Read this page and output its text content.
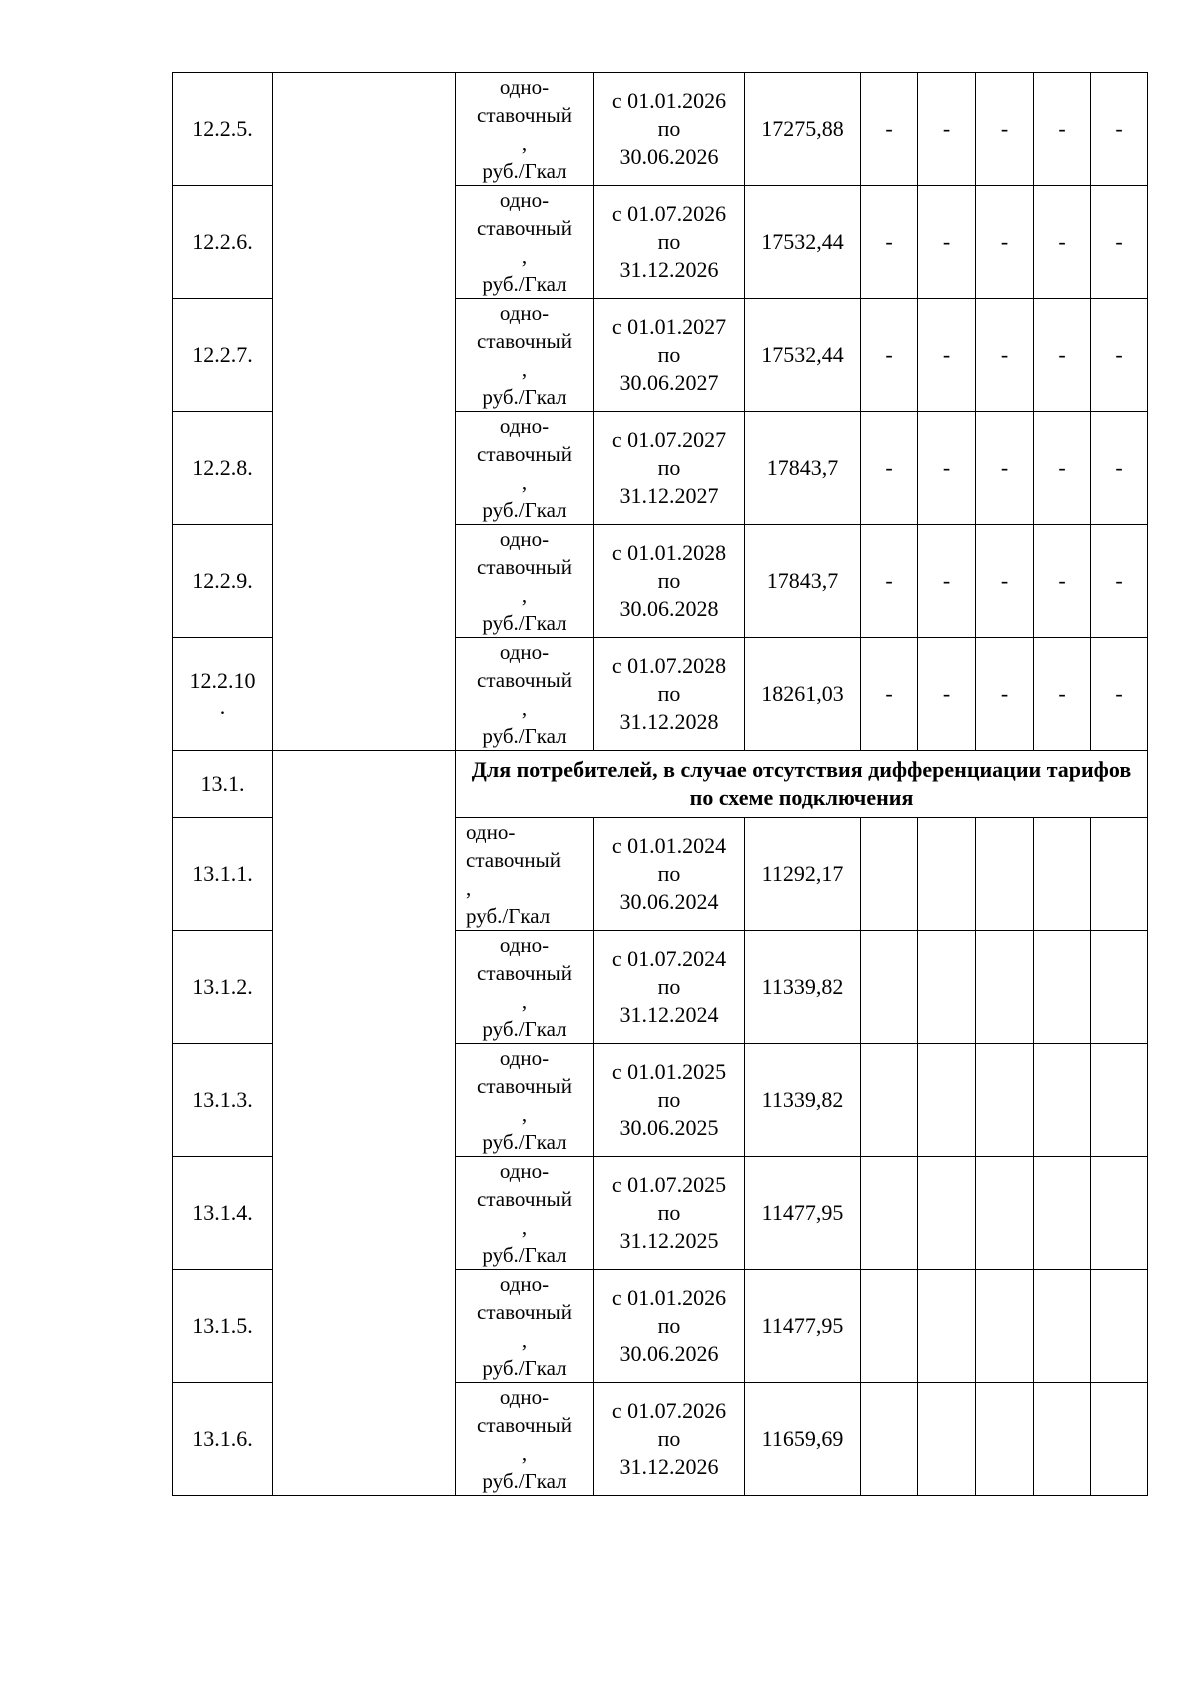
12.2.5.		одно-
ставочный
,
руб./Гкал	с 01.01.2026
по
30.06.2026	17275,88	-	-	-	-	-

12.2.6.		одно-
ставочный
,
руб./Гкал	с 01.07.2026
по
31.12.2026	17532,44	-	-	-	-	-

12.2.7.		одно-
ставочный
,
руб./Гкал	с 01.01.2027
по
30.06.2027	17532,44	-	-	-	-	-

12.2.8.		одно-
ставочный
,
руб./Гкал	с 01.07.2027
по
31.12.2027	17843,7	-	-	-	-	-

12.2.9.		одно-
ставочный
,
руб./Гкал	с 01.01.2028
по
30.06.2028	17843,7	-	-	-	-	-

12.2.10
.		одно-
ставочный
,
руб./Гкал	с 01.07.2028
по
31.12.2028	18261,03	-	-	-	-	-
13.1.		Для потребителей, в случае отсутствия дифференциации тарифов по схеме подключения							

13.1.1.		одно-
ставочный
,
руб./Гкал	с 01.01.2024
по
30.06.2024	11292,17					

13.1.2.		одно-
ставочный
,
руб./Гкал	с 01.07.2024
по
31.12.2024	11339,82					

13.1.3.		одно-
ставочный
,
руб./Гкал	с 01.01.2025
по
30.06.2025	11339,82					

13.1.4.		одно-
ставочный
,
руб./Гкал	с 01.07.2025
по
31.12.2025	11477,95					

13.1.5.		одно-
ставочный
,
руб./Гкал	с 01.01.2026
по
30.06.2026	11477,95					

13.1.6.		одно-
ставочный
,
руб./Гкал	с 01.07.2026
по
31.12.2026	11659,69					
